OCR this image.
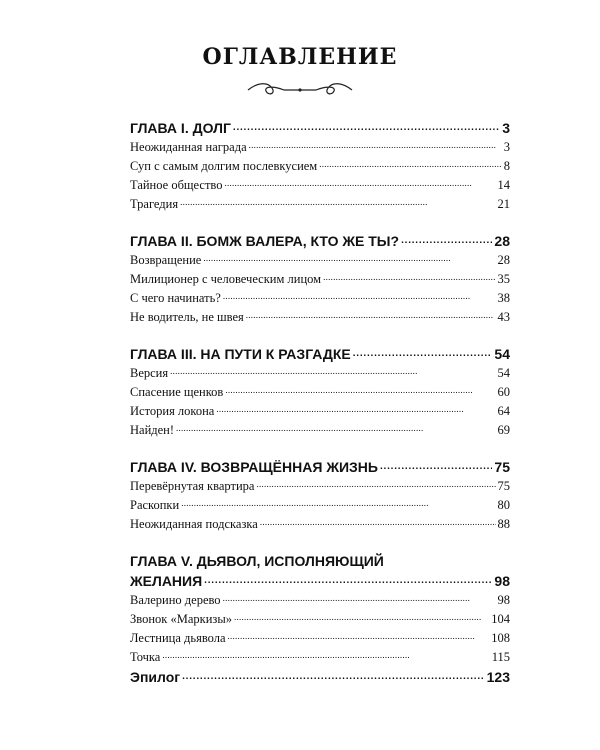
ОГЛАВЛЕНИЕ
ГЛАВА I. ДОЛГ . . .	3
Неожиданная награда . . .	3
Суп с самым долгим послевкусием . . .	8
Тайное общество . . .	14
Трагедия . . .	21
ГЛАВА II. БОМЖ ВАЛЕРА, КТО ЖЕ ТЫ? . . .	28
Возвращение . . .	28
Милиционер с человеческим лицом . . .	35
С чего начинать? . . .	38
Не водитель, не швея . . .	43
ГЛАВА III. НА ПУТИ К РАЗГАДКЕ . . .	54
Версия . . .	54
Спасение щенков . . .	60
История локона . . .	64
Найден! . . .	69
ГЛАВА IV. ВОЗВРАЩЁННАЯ ЖИЗНЬ . . .	75
Перевёрнутая квартира . . .	75
Раскопки . . .	80
Неожиданная подсказка . . .	88
ГЛАВА V. ДЬЯВОЛ, ИСПОЛНЯЮЩИЙ
ЖЕЛАНИЯ . . .	98
Валерино дерево . . .	98
Звонок «Маркизы» . . .	104
Лестница дьявола . . .	108
Точка . . .	115
Эпилог . . .	123
